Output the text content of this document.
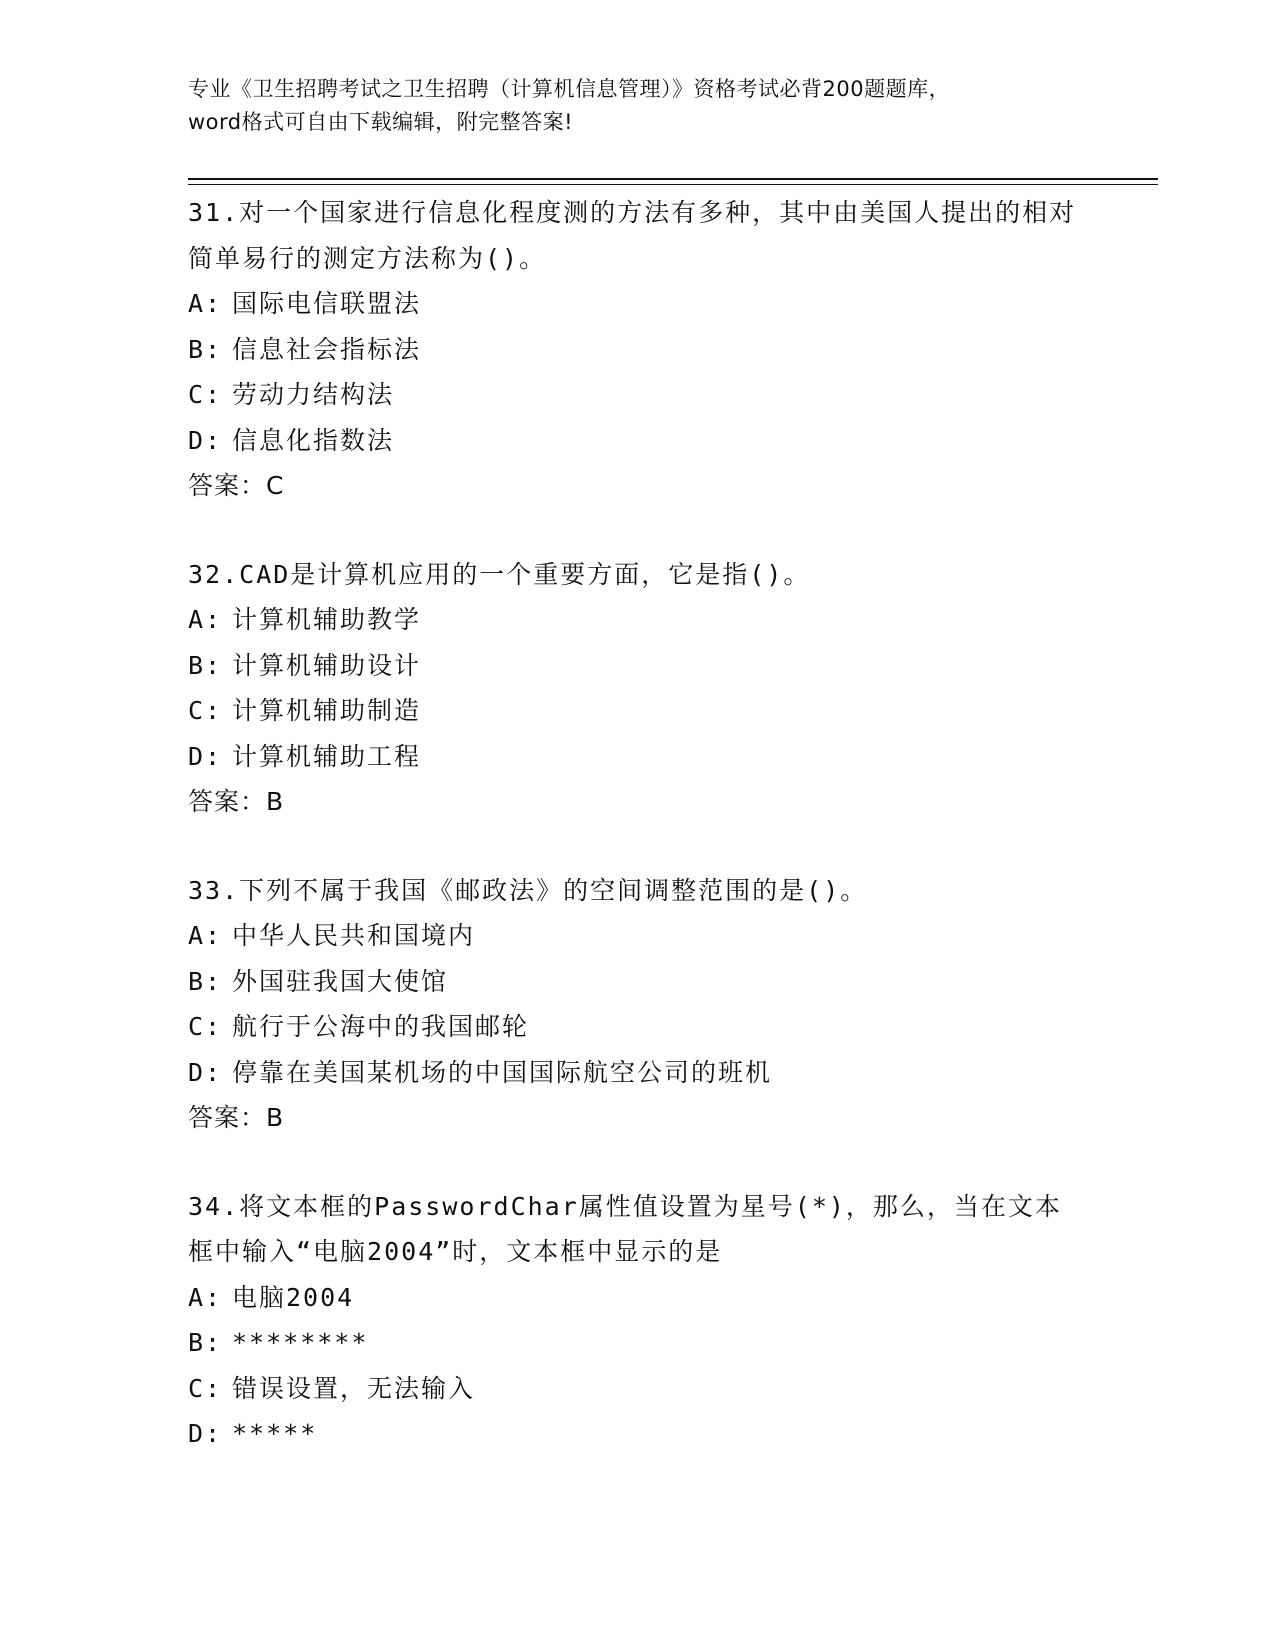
专业《卫生招聘考试之卫生招聘（计算机信息管理）》资格考试必背200题题库，
word格式可自由下载编辑，附完整答案!
31.对一个国家进行信息化程度测的方法有多种，其中由美国人提出的相对简单易行的测定方法称为()。
A: 国际电信联盟法
B: 信息社会指标法
C: 劳动力结构法
D: 信息化指数法
答案：C
32.CAD是计算机应用的一个重要方面，它是指()。
A: 计算机辅助教学
B: 计算机辅助设计
C: 计算机辅助制造
D: 计算机辅助工程
答案：B
33.下列不属于我国《邮政法》的空间调整范围的是()。
A: 中华人民共和国境内
B: 外国驻我国大使馆
C: 航行于公海中的我国邮轮
D: 停靠在美国某机场的中国国际航空公司的班机
答案：B
34.将文本框的PasswordChar属性值设置为星号(*)，那么，当在文本框中输入“电脑2004”时，文本框中显示的是
A: 电脑2004
B: ********
C: 错误设置，无法输入
D: *****
